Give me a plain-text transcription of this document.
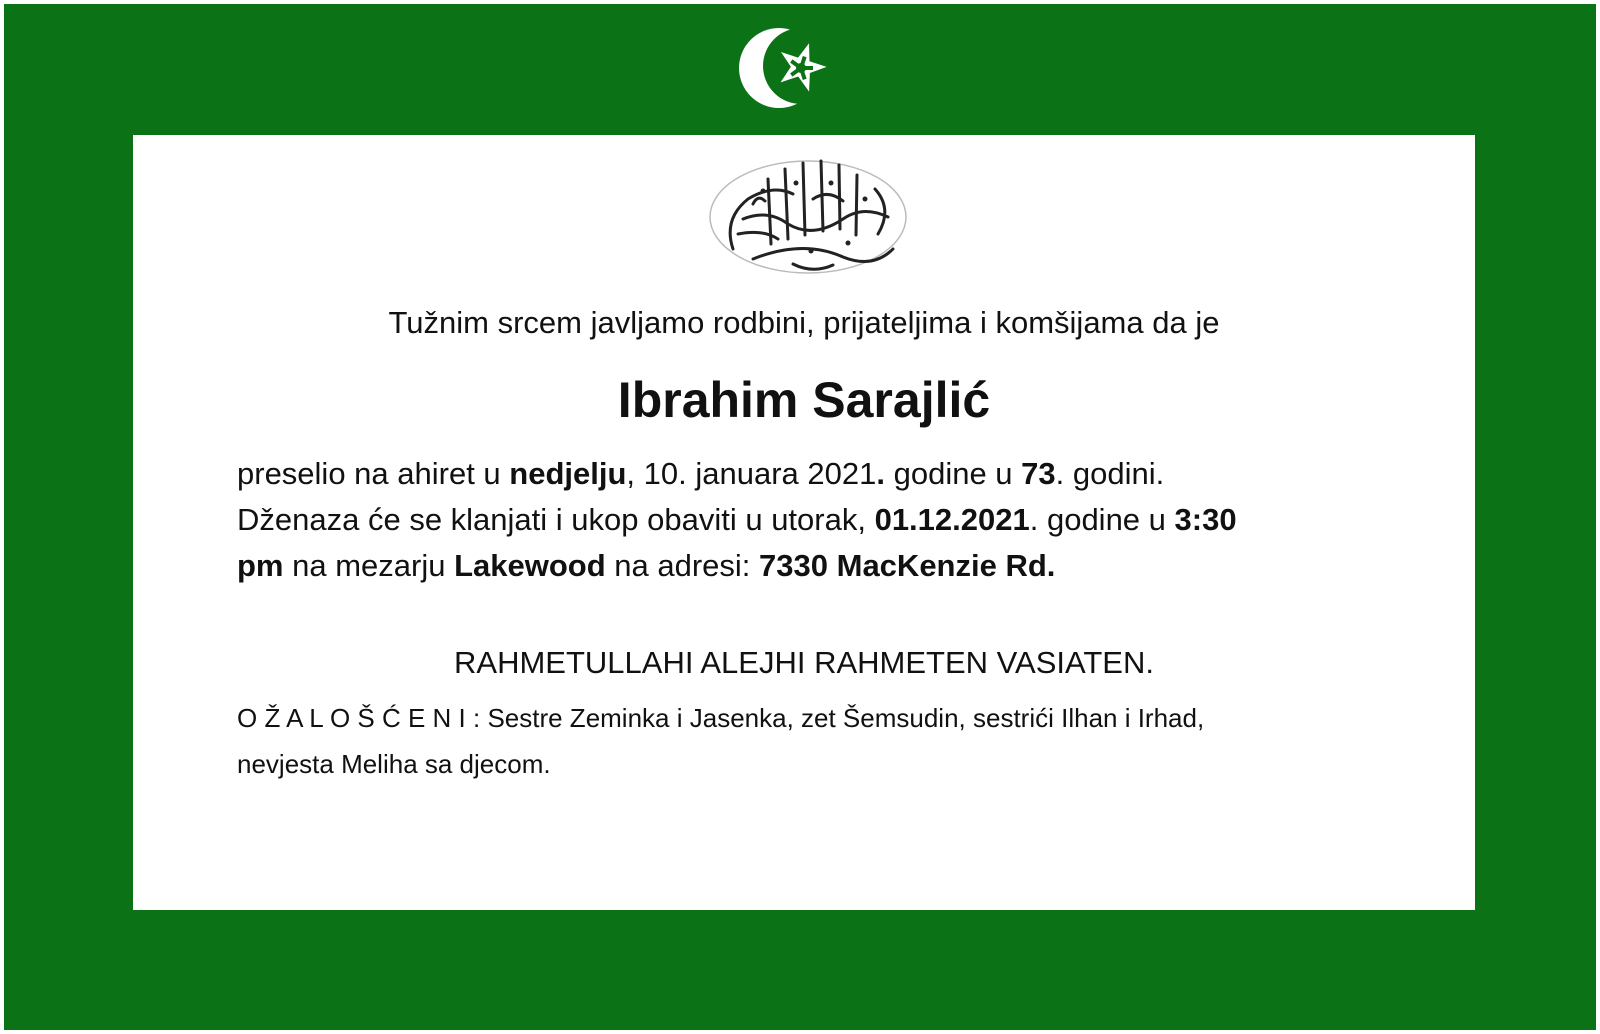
Tužnim srcem javljamo rodbini, prijateljima i komšijama da je
Ibrahim Sarajlić
preselio na ahiret u nedjelju, 10. januara 2021. godine u 73. godini.
Dženaza će se klanjati i ukop obaviti u utorak, 01.12.2021. godine u 3:30
pm na mezarju Lakewood na adresi: 7330 MacKenzie Rd.
RAHMETULLAHI ALEJHI RAHMETEN VASIATEN.
O Ž A L O Š Ć E N I : Sestre Zeminka i Jasenka, zet Šemsudin, sestrići Ilhan i Irhad,
nevjesta Meliha sa djecom.
